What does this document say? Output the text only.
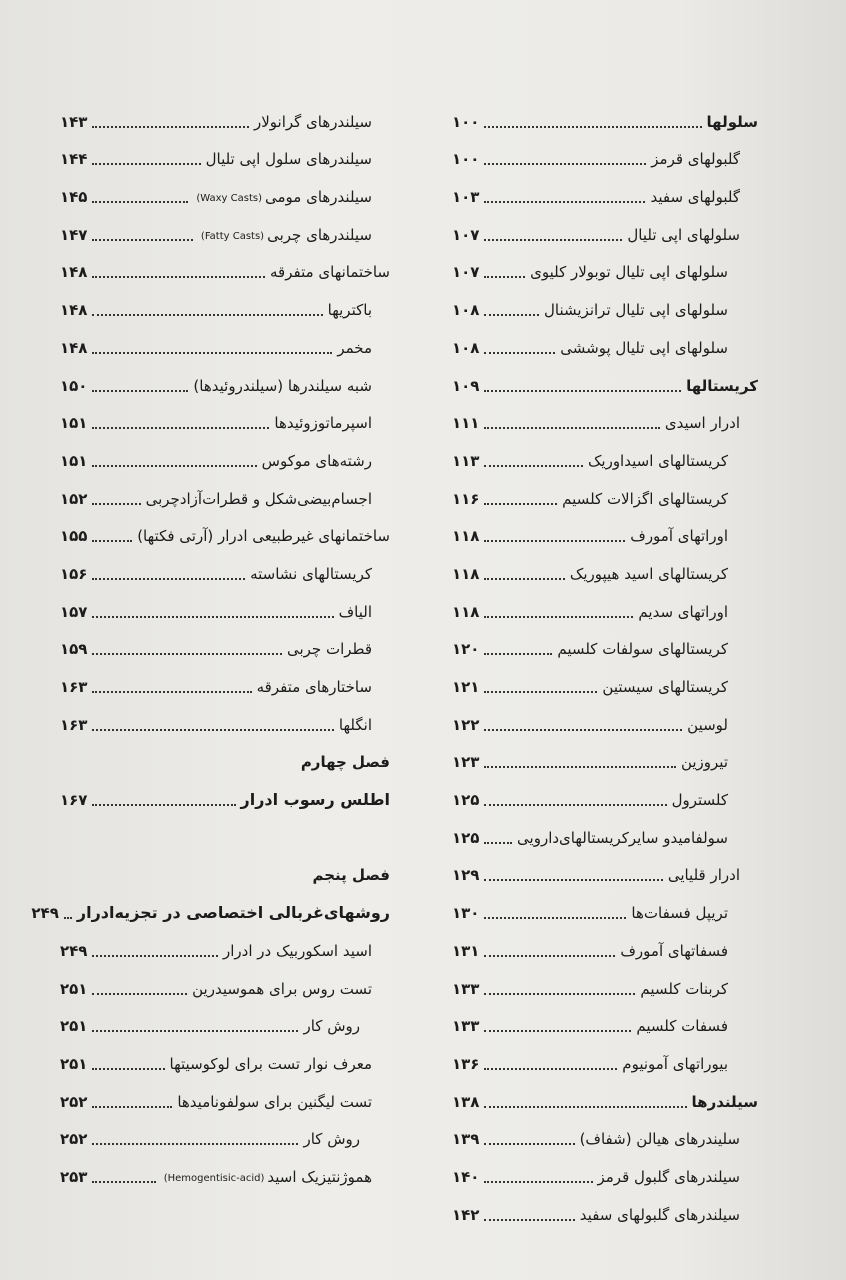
سلولها
۱۰۰
گلبولهای قرمز
۱۰۰
گلبولهای سفید
۱۰۳
سلولهای اپی تلیال
۱۰۷
سلولهای اپی تلیال توبولار کلیوی
۱۰۷
سلولهای اپی تلیال ترانزیشنال
۱۰۸
سلولهای اپی تلیال پوششی
۱۰۸
کریستالها
۱۰۹
ادرار اسیدی
۱۱۱
کریستالهای اسیداوریک
۱۱۳
کریستالهای اگزالات کلسیم
۱۱۶
اوراتهای آمورف
۱۱۸
کریستالهای اسید هیپوریک
۱۱۸
اوراتهای سدیم
۱۱۸
کریستالهای سولفات کلسیم
۱۲۰
کریستالهای سیستین
۱۲۱
لوسین
۱۲۲
تیروزین
۱۲۳
کلسترول
۱۲۵
سولفامیدو سایرکریستالهای‌دارویی
۱۲۵
ادرار قلیایی
۱۲۹
تریپل فسفات‌ها
۱۳۰
فسفاتهای آمورف
۱۳۱
کربنات کلسیم
۱۳۳
فسفات کلسیم
۱۳۳
بیوراتهای آمونیوم
۱۳۶
سیلندرها
۱۳۸
سلیندرهای هیالن (شفاف)
۱۳۹
سیلندرهای گلبول قرمز
۱۴۰
سیلندرهای گلبولهای سفید
۱۴۲
سیلندرهای گرانولار
۱۴۳
سیلندرهای سلول اپی تلیال
۱۴۴
سیلندرهای مومی
(Waxy Casts)
۱۴۵
سیلندرهای چربی
(Fatty Casts)
۱۴۷
ساختمانهای متفرقه
۱۴۸
باکتریها
۱۴۸
مخمر
۱۴۸
شبه سیلندرها (سیلندروئیدها)
۱۵۰
اسپرماتوزوئیدها
۱۵۱
رشته‌های موکوس
۱۵۱
اجسام‌بیضی‌شکل و قطرات‌آزادچربی
۱۵۲
ساختمانهای غیرطبیعی ادرار (آرتی فکتها)
۱۵۵
کریستالهای نشاسته
۱۵۶
الیاف
۱۵۷
قطرات چربی
۱۵۹
ساختارهای متفرقه
۱۶۳
انگلها
۱۶۳
فصل چهارم
اطلس رسوب ادرار
۱۶۷
فصل پنجم
روشهای‌غربالی اختصاصی در تجزیه‌ادرار
۲۴۹
اسید اسکوربیک در ادرار
۲۴۹
تست روس برای هموسیدرین
۲۵۱
روش کار
۲۵۱
معرف نوار تست برای لوکوسیتها
۲۵۱
تست لیگنین برای سولفونامیدها
۲۵۲
روش کار
۲۵۲
هموژنتیزیک اسید
(Hemogentisic-acid)
۲۵۳
